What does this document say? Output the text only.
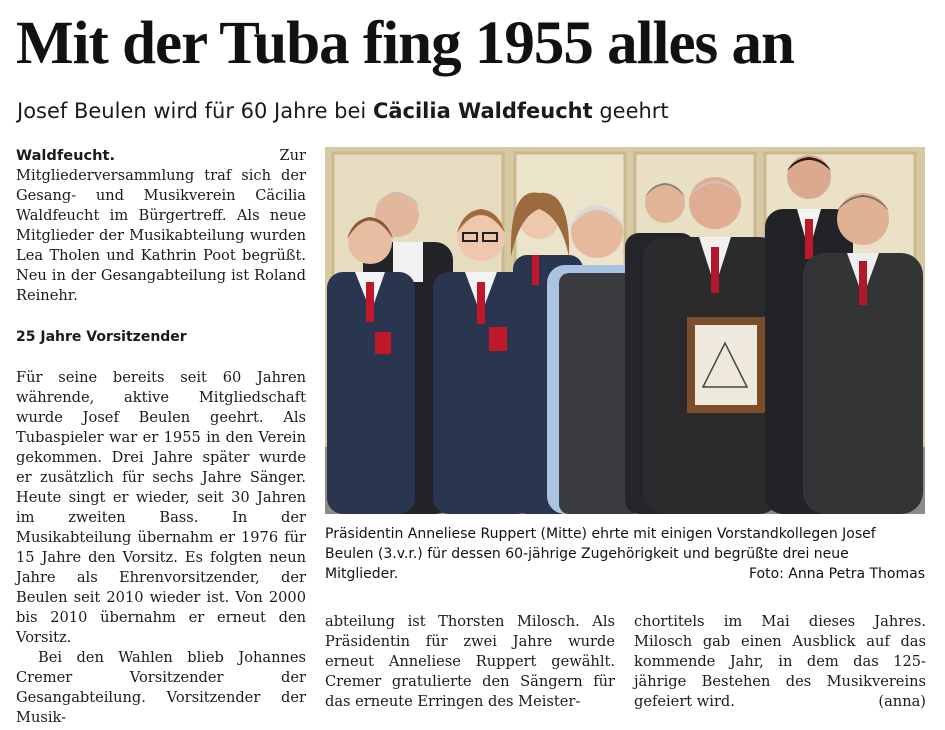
Mit der Tuba fing 1955 alles an
Josef Beulen wird für 60 Jahre bei Cäcilia Waldfeucht geehrt

Waldfeucht. Zur Mitgliederversammlung traf sich der Gesang- und Musikverein Cäcilia Waldfeucht im Bürgertreff. Als neue Mitglieder der Musikabteilung wurden Lea Tholen und Kathrin Poot begrüßt. Neu in der Gesangabteilung ist Roland Reinehr.

25 Jahre Vorsitzender

Für seine bereits seit 60 Jahren währende, aktive Mitgliedschaft wurde Josef Beulen geehrt. Als Tubaspieler war er 1955 in den Verein gekommen. Drei Jahre später wurde er zusätzlich für sechs Jahre Sänger. Heute singt er wieder, seit 30 Jahren im zweiten Bass. In der Musikabteilung übernahm er 1976 für 15 Jahre den Vorsitz. Es folgten neun Jahre als Ehrenvorsitzender, der Beulen seit 2010 wieder ist. Von 2000 bis 2010 übernahm er erneut den Vorsitz.

Bei den Wahlen blieb Johannes Cremer Vorsitzender der Gesangabteilung. Vorsitzender der Musik-

Präsidentin Anneliese Ruppert (Mitte) ehrte mit einigen Vorstandkollegen Josef Beulen (3.v.r.) für dessen 60-jährige Zugehörigkeit und begrüßte drei neue Mitglieder.	Foto: Anna Petra Thomas

abteilung ist Thorsten Milosch. Als Präsidentin für zwei Jahre wurde erneut Anneliese Ruppert gewählt. Cremer gratulierte den Sängern für das erneute Erringen des Meister-

chortitels im Mai dieses Jahres. Milosch gab einen Ausblick auf das kommende Jahr, in dem das 125-jährige Bestehen des Musikvereins gefeiert wird.	(anna)
